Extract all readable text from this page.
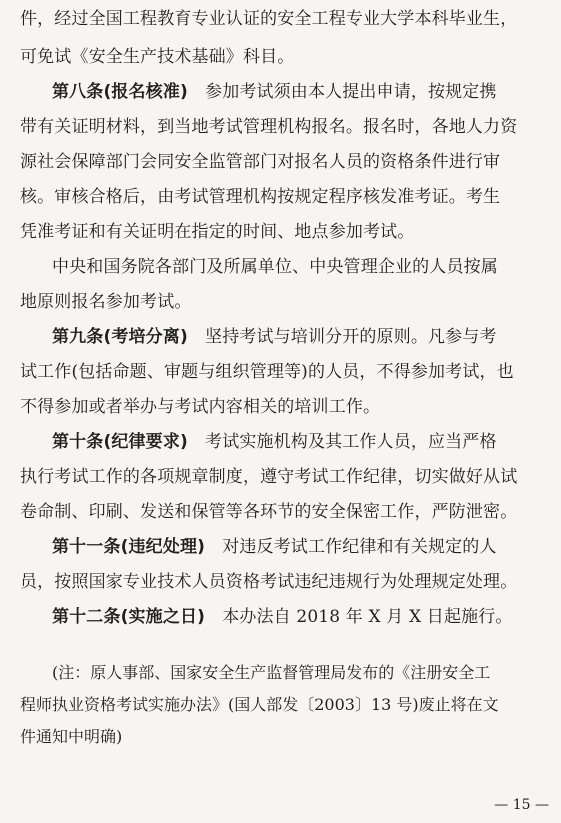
件，经过全国工程教育专业认证的安全工程专业大学本科毕业生，
可免试《安全生产技术基础》科目。
第八条(报名核准)　参加考试须由本人提出申请，按规定携
带有关证明材料，到当地考试管理机构报名。报名时，各地人力资
源社会保障部门会同安全监管部门对报名人员的资格条件进行审
核。审核合格后，由考试管理机构按规定程序核发准考证。考生
凭准考证和有关证明在指定的时间、地点参加考试。
中央和国务院各部门及所属单位、中央管理企业的人员按属
地原则报名参加考试。
第九条(考培分离)　坚持考试与培训分开的原则。凡参与考
试工作(包括命题、审题与组织管理等)的人员，不得参加考试，也
不得参加或者举办与考试内容相关的培训工作。
第十条(纪律要求)　考试实施机构及其工作人员，应当严格
执行考试工作的各项规章制度，遵守考试工作纪律，切实做好从试
卷命制、印刷、发送和保管等各环节的安全保密工作，严防泄密。
第十一条(违纪处理)　对违反考试工作纪律和有关规定的人
员，按照国家专业技术人员资格考试违纪违规行为处理规定处理。
第十二条(实施之日)　本办法自 2018 年 X 月 X 日起施行。
(注：原人事部、国家安全生产监督管理局发布的《注册安全工
程师执业资格考试实施办法》(国人部发〔2003〕13 号)废止将在文
件通知中明确)
— 15 —
